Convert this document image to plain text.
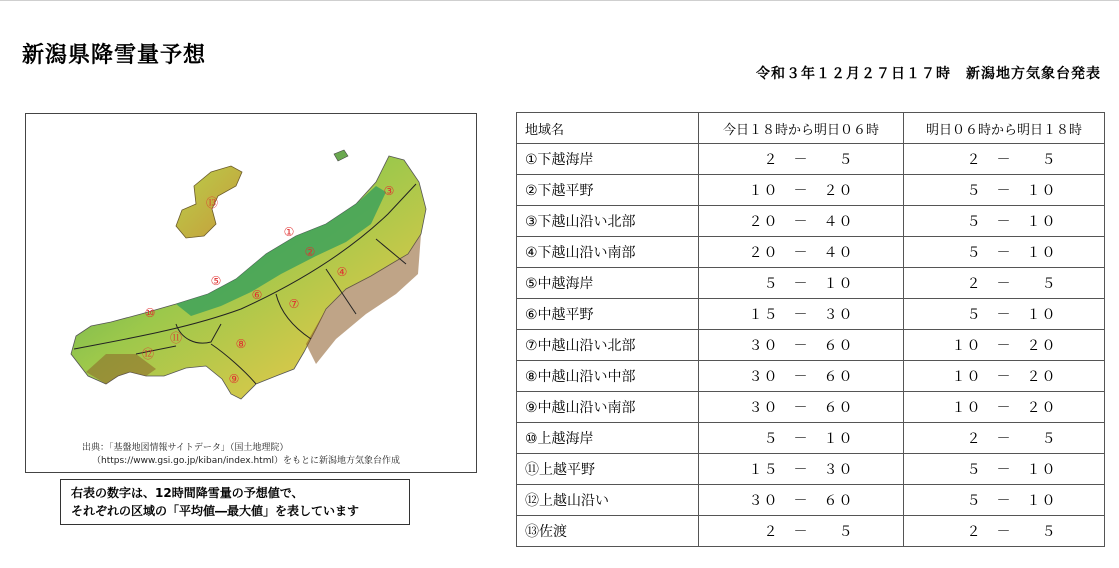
新潟県降雪量予想
令和３年１２月２７日１７時　新潟地方気象台発表
①
②
③
④
⑤
⑥
⑦
⑧
⑨
⑩
⑪
⑫
⑬
出典：「基盤地図情報サイトデータ」（国土地理院）
（https://www.gsi.go.jp/kiban/index.html）をもとに新潟地方気象台作成
右表の数字は、12時間降雪量の予想値で、
それぞれの区域の「平均値―最大値」を表しています
地域名	今日１８時から明日０６時	明日０６時から明日１８時
①下越海岸	　２　－　　５	　２　－　　５
②下越平野	１０　－　２０	　５　－　１０
③下越山沿い北部	２０　－　４０	　５　－　１０
④下越山沿い南部	２０　－　４０	　５　－　１０
⑤中越海岸	　５　－　１０	　２　－　　５
⑥中越平野	１５　－　３０	　５　－　１０
⑦中越山沿い北部	３０　－　６０	１０　－　２０
⑧中越山沿い中部	３０　－　６０	１０　－　２０
⑨中越山沿い南部	３０　－　６０	１０　－　２０
⑩上越海岸	　５　－　１０	　２　－　　５
⑪上越平野	１５　－　３０	　５　－　１０
⑫上越山沿い	３０　－　６０	　５　－　１０
⑬佐渡	　２　－　　５	　２　－　　５
